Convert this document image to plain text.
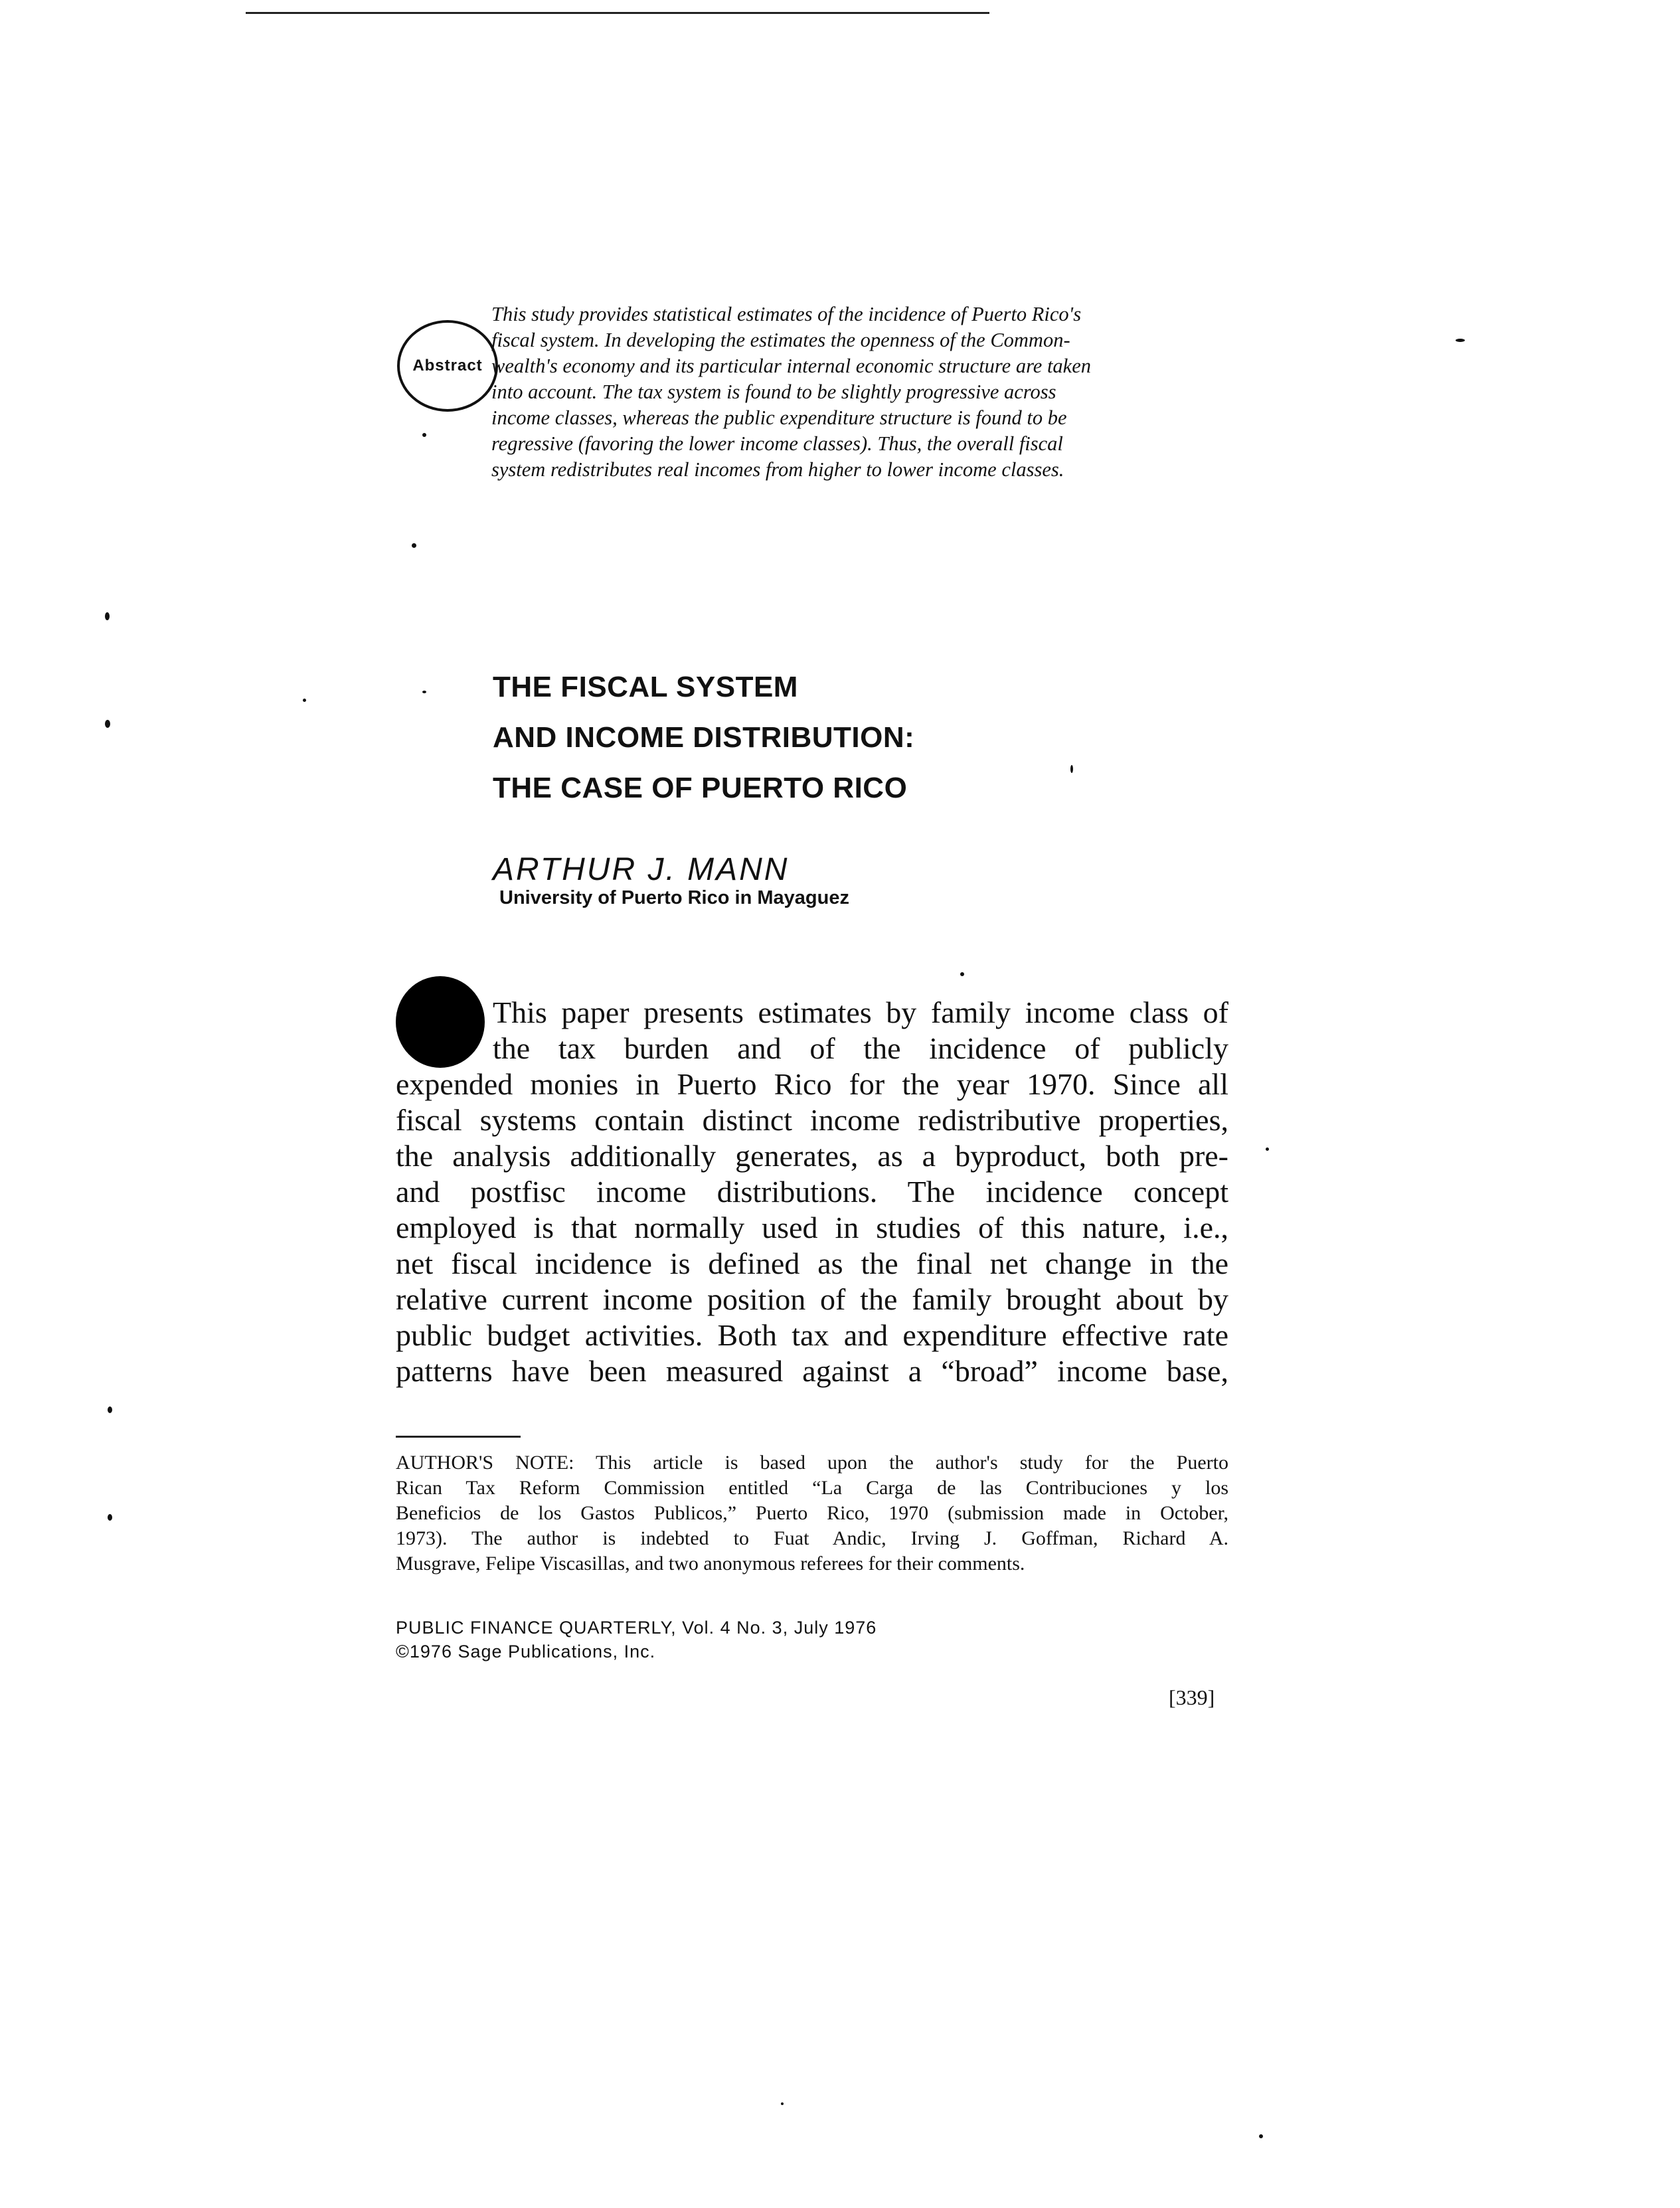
Abstract
This study provides statistical estimates of the incidence of Puerto Rico's
fiscal system. In developing the estimates the openness of the Common-
wealth's economy and its particular internal economic structure are taken
into account. The tax system is found to be slightly progressive across
income classes, whereas the public expenditure structure is found to be
regressive (favoring the lower income classes). Thus, the overall fiscal
system redistributes real incomes from higher to lower income classes.
THE FISCAL SYSTEM
AND INCOME DISTRIBUTION:
THE CASE OF PUERTO RICO
ARTHUR J. MANN
University of Puerto Rico in Mayaguez
This paper presents estimates by family income class of
the tax burden and of the incidence of publicly
expended monies in Puerto Rico for the year 1970. Since all
fiscal systems contain distinct income redistributive properties,
the analysis additionally generates, as a byproduct, both pre-
and postfisc income distributions. The incidence concept
employed is that normally used in studies of this nature, i.e.,
net fiscal incidence is defined as the final net change in the
relative current income position of the family brought about by
public budget activities. Both tax and expenditure effective rate
patterns have been measured against a “broad” income base,
AUTHOR'S NOTE: This article is based upon the author's study for the Puerto
Rican Tax Reform Commission entitled “La Carga de las Contribuciones y los
Beneficios de los Gastos Publicos,” Puerto Rico, 1970 (submission made in October,
1973). The author is indebted to Fuat Andic, Irving J. Goffman, Richard A.
Musgrave, Felipe Viscasillas, and two anonymous referees for their comments.
PUBLIC FINANCE QUARTERLY, Vol. 4 No. 3, July 1976
©1976 Sage Publications, Inc.
[339]
